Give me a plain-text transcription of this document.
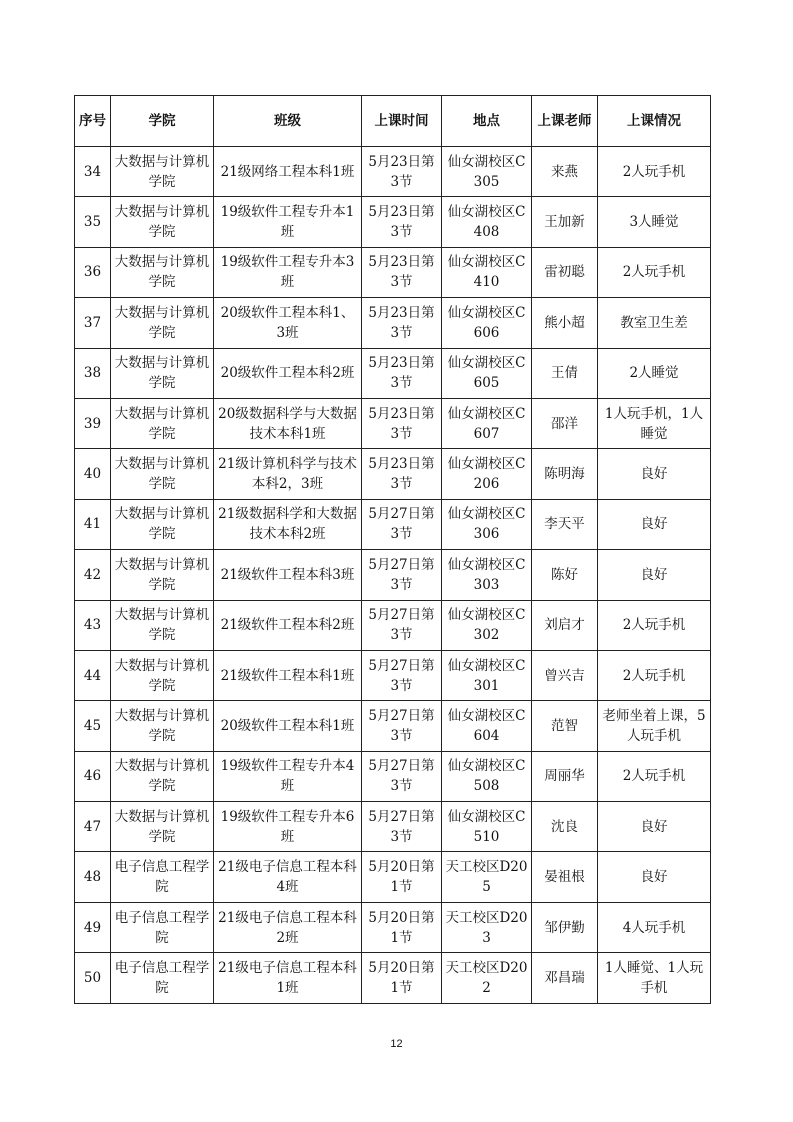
序号	学院	班级	上课时间	地点	上课老师	上课情况
34	大数据与计算机学院	21级网络工程本科1班	5月23日第3节	仙女湖校区C305	来燕	2人玩手机
35	大数据与计算机学院	19级软件工程专升本1班	5月23日第3节	仙女湖校区C408	王加新	3人睡觉
36	大数据与计算机学院	19级软件工程专升本3班	5月23日第3节	仙女湖校区C410	雷初聪	2人玩手机
37	大数据与计算机学院	20级软件工程本科1、3班	5月23日第3节	仙女湖校区C606	熊小超	教室卫生差
38	大数据与计算机学院	20级软件工程本科2班	5月23日第3节	仙女湖校区C605	王倩	2人睡觉
39	大数据与计算机学院	20级数据科学与大数据技术本科1班	5月23日第3节	仙女湖校区C607	邵洋	1人玩手机，1人睡觉
40	大数据与计算机学院	21级计算机科学与技术本科2，3班	5月23日第3节	仙女湖校区C206	陈明海	良好
41	大数据与计算机学院	21级数据科学和大数据技术本科2班	5月27日第3节	仙女湖校区C306	李天平	良好
42	大数据与计算机学院	21级软件工程本科3班	5月27日第3节	仙女湖校区C303	陈好	良好
43	大数据与计算机学院	21级软件工程本科2班	5月27日第3节	仙女湖校区C302	刘启才	2人玩手机
44	大数据与计算机学院	21级软件工程本科1班	5月27日第3节	仙女湖校区C301	曾兴吉	2人玩手机
45	大数据与计算机学院	20级软件工程本科1班	5月27日第3节	仙女湖校区C604	范智	老师坐着上课，5人玩手机
46	大数据与计算机学院	19级软件工程专升本4班	5月27日第3节	仙女湖校区C508	周丽华	2人玩手机
47	大数据与计算机学院	19级软件工程专升本6班	5月27日第3节	仙女湖校区C510	沈良	良好
48	电子信息工程学院	21级电子信息工程本科4班	5月20日第1节	天工校区D205	晏祖根	良好
49	电子信息工程学院	21级电子信息工程本科2班	5月20日第1节	天工校区D203	邹伊勤	4人玩手机
50	电子信息工程学院	21级电子信息工程本科1班	5月20日第1节	天工校区D202	邓昌瑞	1人睡觉、1人玩手机
12
